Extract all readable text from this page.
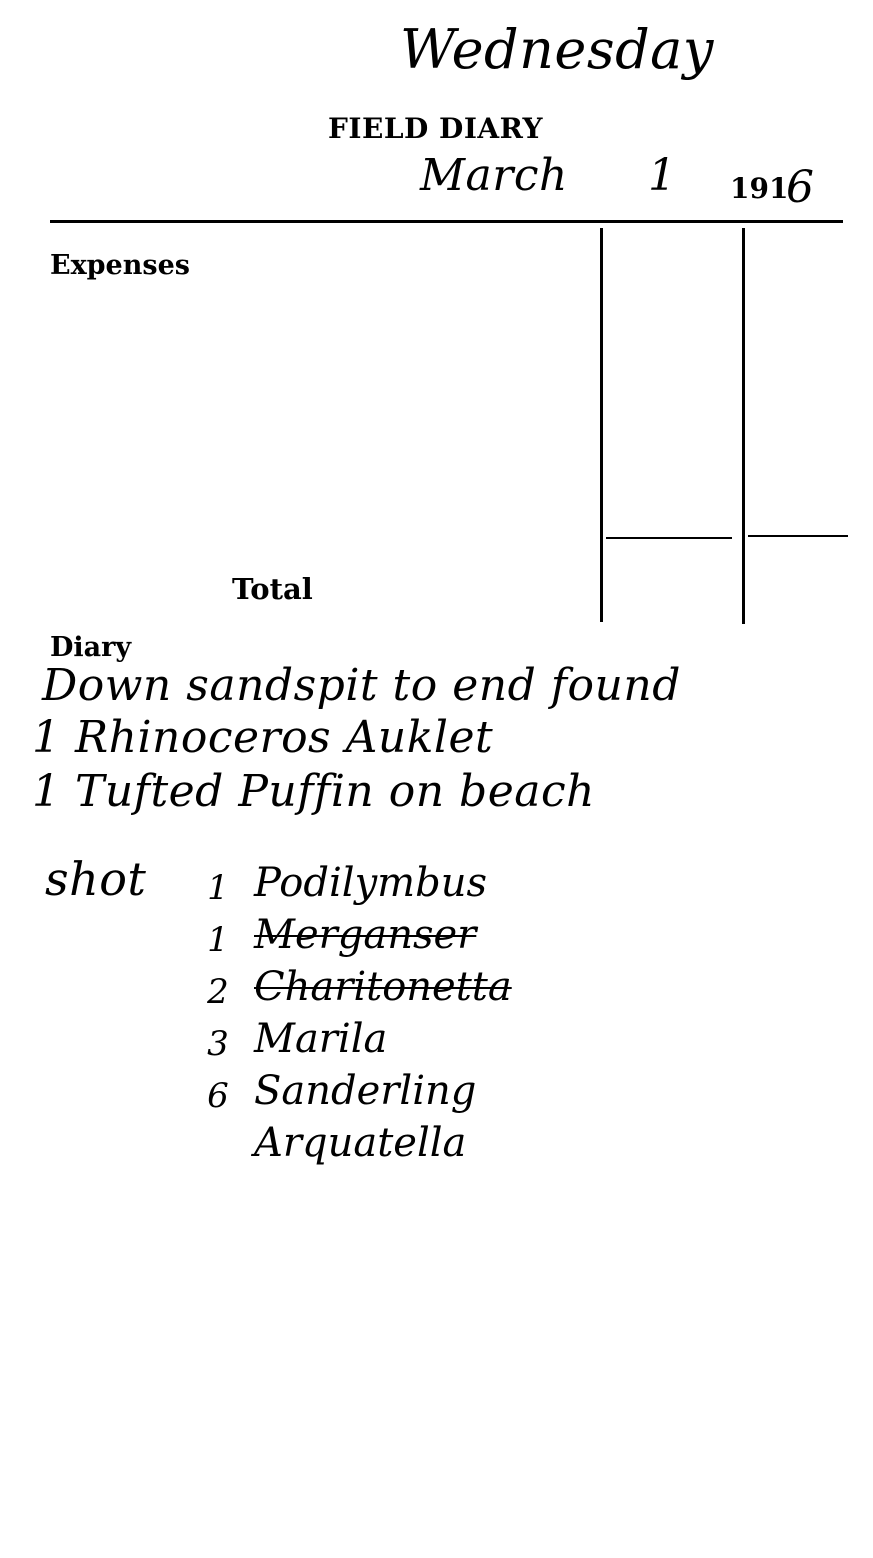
FIELD DIARY
191
Expenses
Total
Diary
Wednesday
March 1 6
Down sandspit to end found
1 Rhinoceros Auklet
1 Tufted Puffin on beach
shot	1 Podilymbus
1 Merganser
2 Charitonetta
3 Marila
6 Sanderling
Arquatella
